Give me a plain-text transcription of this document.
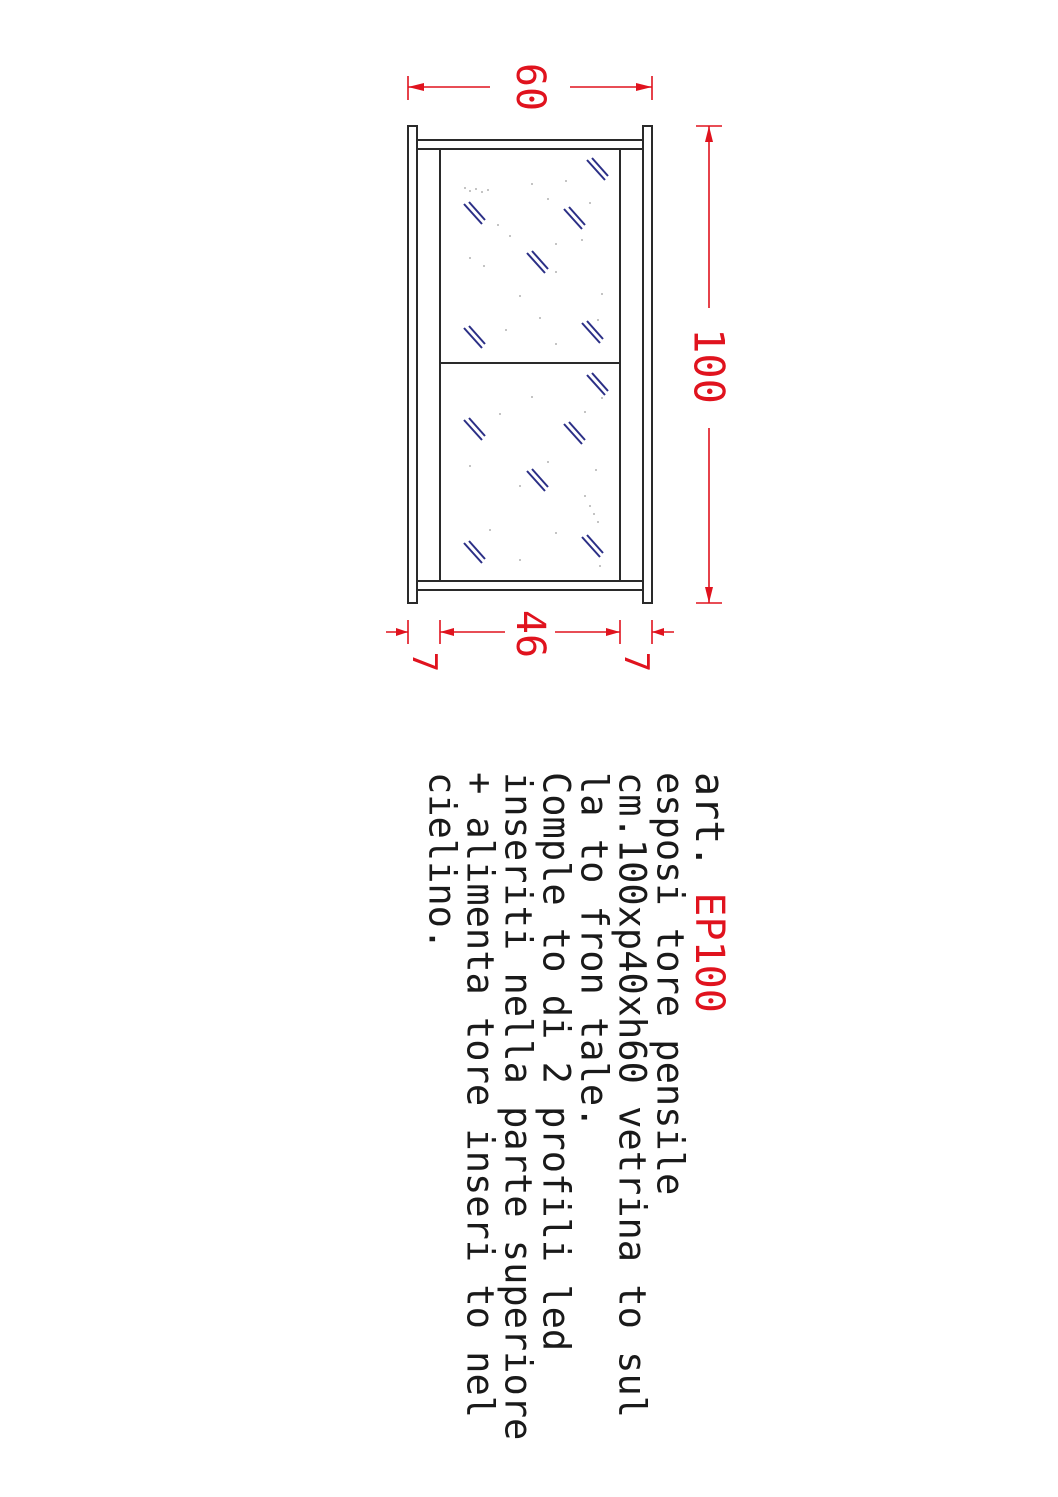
60
100
46
7	7
art. EP100
esposi tore pensile
cm.100xp40xh60 vetrina to sul
la to fron tale.
Comple to di 2 profili led
inseriti nella parte superiore
+ alimenta tore inseri to nel
cielino.
